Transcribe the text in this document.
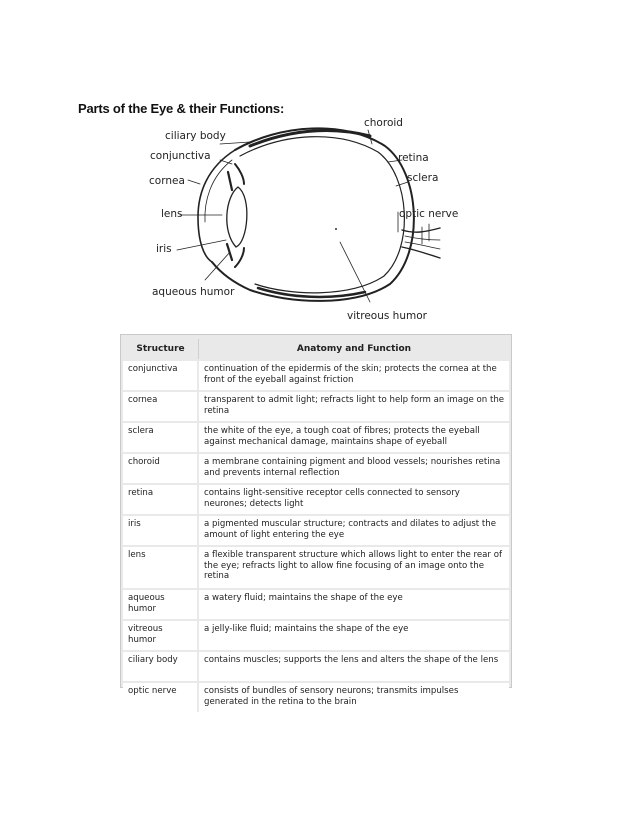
Parts of the Eye & their Functions:
ciliary body
conjunctiva
cornea
lens
iris
aqueous humor
choroid
retina
sclera
optic nerve
vitreous humor
Structure	Anatomy and Function
conjunctiva	continuation of the epidermis of the skin; protects the cornea at the front of the eyeball against friction
cornea	transparent to admit light; refracts light to help form an image on the retina
sclera	the white of the eye, a tough coat of fibres; protects the eyeball against mechanical damage, maintains shape of eyeball
choroid	a membrane containing pigment and blood vessels; nourishes retina and prevents internal reflection
retina	contains light-sensitive receptor cells connected to sensory neurones; detects light
iris	a pigmented muscular structure; contracts and dilates to adjust the amount of light entering the eye
lens	a flexible transparent structure which allows light to enter the rear of the eye; refracts light to allow fine focusing of an image onto the retina
aqueous humor	a watery fluid; maintains the shape of the eye
vitreous humor	a jelly-like fluid; maintains the shape of the eye
ciliary body	contains muscles; supports the lens and alters the shape of the lens
optic nerve	consists of bundles of sensory neurons; transmits impulses generated in the retina to the brain
